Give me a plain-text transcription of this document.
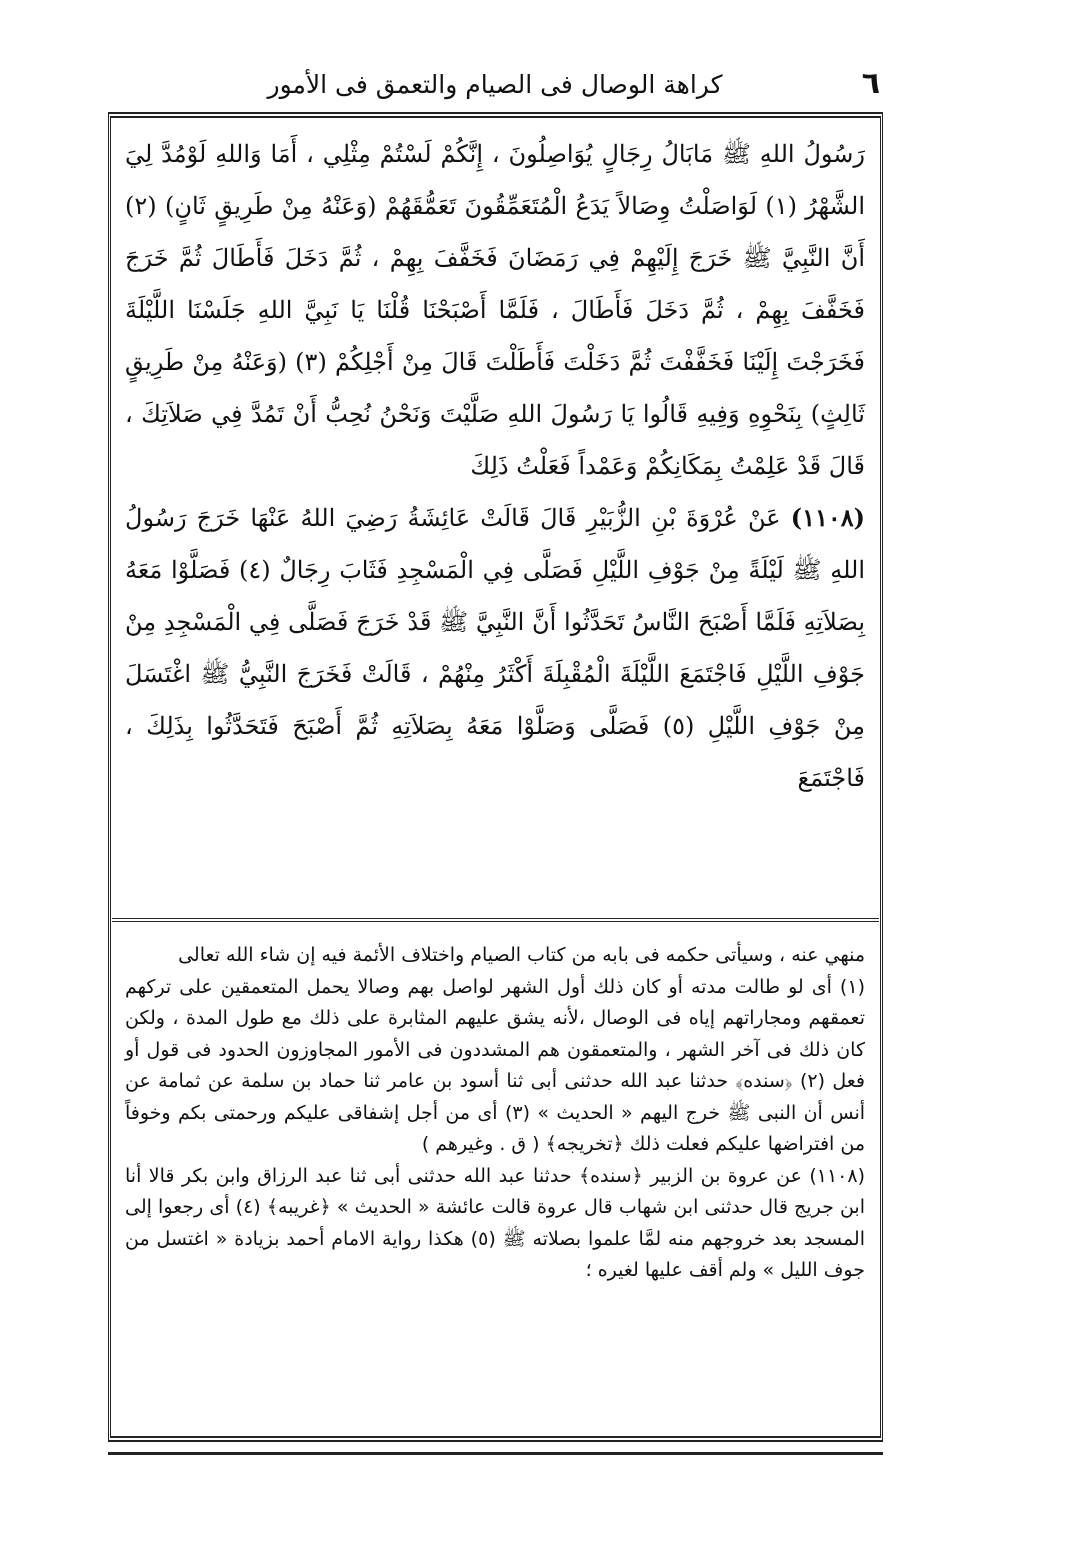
٦
كراهة الوصال فى الصيام والتعمق فى الأمور

رَسُولُ اللهِ ﷺ مَابَالُ رِجَالٍ يُوَاصِلُونَ ، إِنَّكُمْ لَسْتُمْ مِثْلِي ، أَمَا وَاللهِ لَوْمُدَّ لِيَ الشَّهْرُ (١) لَوَاصَلْتُ وِصَالاً يَدَعُ الْمُتَعَمِّقُونَ تَعَمُّقَهُمْ (وَعَنْهُ مِنْ طَرِيقٍ ثَانٍ) (٢) أَنَّ النَّبِيَّ ﷺ خَرَجَ إِلَيْهِمْ فِي رَمَضَانَ فَخَفَّفَ بِهِمْ ، ثُمَّ دَخَلَ فَأَطَالَ ثُمَّ خَرَجَ فَخَفَّفَ بِهِمْ ، ثُمَّ دَخَلَ فَأَطَالَ ، فَلَمَّا أَصْبَحْنَا قُلْنَا يَا نَبِيَّ اللهِ جَلَسْنَا اللَّيْلَةَ فَخَرَجْتَ إِلَيْنَا فَخَفَّفْتَ ثُمَّ دَخَلْتَ فَأَطَلْتَ قَالَ مِنْ أَجْلِكُمْ (٣) (وَعَنْهُ مِنْ طَرِيقٍ ثَالِثٍ) بِنَحْوِهِ وَفِيهِ قَالُوا يَا رَسُولَ اللهِ صَلَّيْتَ وَنَحْنُ نُحِبُّ أَنْ تَمُدَّ فِي صَلاَتِكَ ، قَالَ قَدْ عَلِمْتُ بِمَكَانِكُمْ وَعَمْداً فَعَلْتُ ذَلِكَ

(١١٠٨) عَنْ عُرْوَةَ بْنِ الزُّبَيْرِ قَالَ قَالَتْ عَائِشَةُ رَضِيَ اللهُ عَنْهَا خَرَجَ رَسُولُ اللهِ ﷺ لَيْلَةً مِنْ جَوْفِ اللَّيْلِ فَصَلَّى فِي الْمَسْجِدِ فَثَابَ رِجَالٌ (٤) فَصَلَّوْا مَعَهُ بِصَلاَتِهِ فَلَمَّا أَصْبَحَ النَّاسُ تَحَدَّثُوا أَنَّ النَّبِيَّ ﷺ قَدْ خَرَجَ فَصَلَّى فِي الْمَسْجِدِ مِنْ جَوْفِ اللَّيْلِ فَاجْتَمَعَ اللَّيْلَةَ الْمُقْبِلَةَ أَكْثَرُ مِنْهُمْ ، قَالَتْ فَخَرَجَ النَّبِيُّ ﷺ اغْتَسَلَ مِنْ جَوْفِ اللَّيْلِ (٥) فَصَلَّى وَصَلَّوْا مَعَهُ بِصَلاَتِهِ ثُمَّ أَصْبَحَ فَتَحَدَّثُوا بِذَلِكَ ، فَاجْتَمَعَ

منهي عنه ، وسيأتى حكمه فى بابه من كتاب الصيام واختلاف الأئمة فيه إن شاء الله تعالى

(١) أى لو طالت مدته أو كان ذلك أول الشهر لواصل بهم وصالا يحمل المتعمقين على تركهم تعمقهم ومجاراتهم إياه فى الوصال ،لأنه يشق عليهم المثابرة على ذلك مع طول المدة ، ولكن كان ذلك فى آخر الشهر ، والمتعمقون هم المشددون فى الأمور المجاوزون الحدود فى قول أو فعل (٢) ﴿سنده﴾ حدثنا عبد الله حدثنى أبى ثنا أسود بن عامر ثنا حماد بن سلمة عن ثمامة عن أنس أن النبى ﷺ خرج اليهم « الحديث » (٣) أى من أجل إشفاقى عليكم ورحمتى بكم وخوفاً من افتراضها عليكم فعلت ذلك ﴿تخريجه﴾ ( ق . وغيرهم )

(١١٠٨) عن عروة بن الزبير ﴿سنده﴾ حدثنا عبد الله حدثنى أبى ثنا عبد الرزاق وابن بكر قالا أنا ابن جريج قال حدثنى ابن شهاب قال عروة قالت عائشة « الحديث » ﴿غريبه﴾ (٤) أى رجعوا إلى المسجد بعد خروجهم منه لمَّا علموا بصلاته ﷺ (٥) هكذا رواية الامام أحمد بزيادة « اغتسل من جوف الليل » ولم أقف عليها لغيره ؛
